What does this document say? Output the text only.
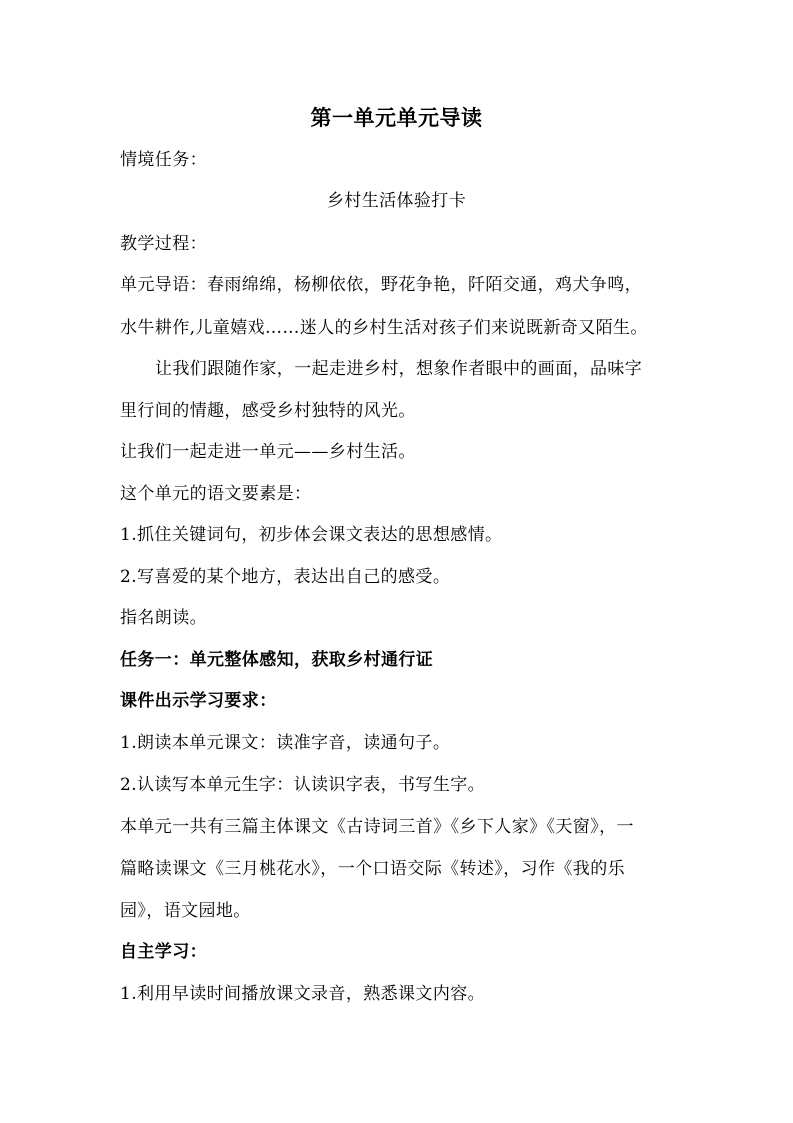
第一单元单元导读
情境任务：
乡村生活体验打卡
教学过程：
单元导语：春雨绵绵，杨柳依依，野花争艳，阡陌交通，鸡犬争鸣，
水牛耕作,儿童嬉戏……迷人的乡村生活对孩子们来说既新奇又陌生。
让我们跟随作家，一起走进乡村，想象作者眼中的画面，品味字
里行间的情趣，感受乡村独特的风光。
让我们一起走进一单元——乡村生活。
这个单元的语文要素是：
1.抓住关键词句，初步体会课文表达的思想感情。
2.写喜爱的某个地方，表达出自己的感受。
指名朗读。
任务一：单元整体感知，获取乡村通行证
课件出示学习要求：
1.朗读本单元课文：读准字音，读通句子。
2.认读写本单元生字：认读识字表，书写生字。
本单元一共有三篇主体课文《古诗词三首》《乡下人家》《天窗》，一
篇略读课文《三月桃花水》，一个口语交际《转述》，习作《我的乐
园》，语文园地。
自主学习：
1.利用早读时间播放课文录音，熟悉课文内容。
